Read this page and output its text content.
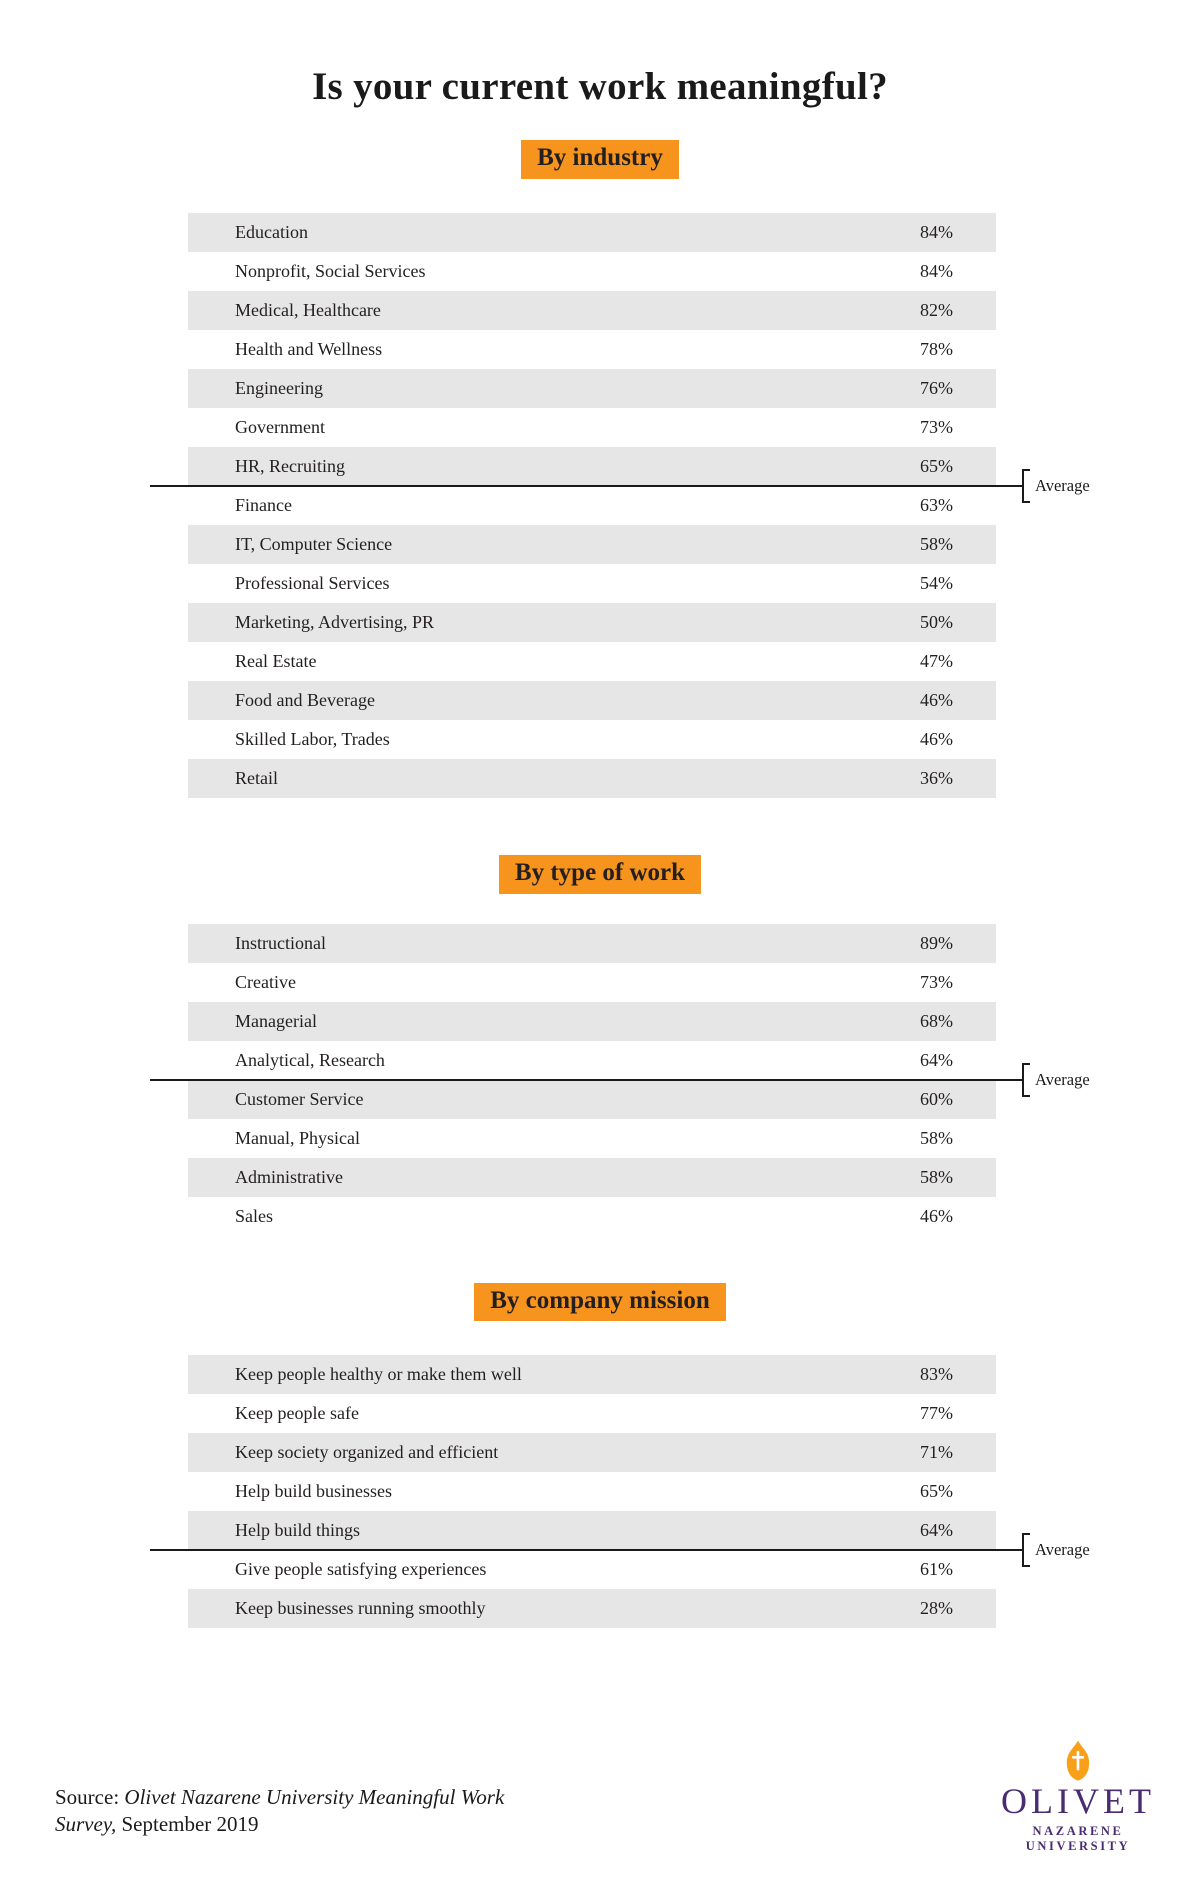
Is your current work meaningful?
By industry
Education	84%
Nonprofit, Social Services	84%
Medical, Healthcare	82%
Health and Wellness	78%
Engineering	76%
Government	73%
HR, Recruiting	65%
Finance	63%
IT, Computer Science	58%
Professional Services	54%
Marketing, Advertising, PR	50%
Real Estate	47%
Food and Beverage	46%
Skilled Labor, Trades	46%
Retail	36%
Average
By type of work
Instructional	89%
Creative	73%
Managerial	68%
Analytical, Research	64%
Customer Service	60%
Manual, Physical	58%
Administrative	58%
Sales	46%
Average
By company mission
Keep people healthy or make them well	83%
Keep people safe	77%
Keep society organized and efficient	71%
Help build businesses	65%
Help build things	64%
Give people satisfying experiences	61%
Keep businesses running smoothly	28%
Average
Source: Olivet Nazarene University Meaningful Work Survey, September 2019
OLIVET
NAZARENE UNIVERSITY
